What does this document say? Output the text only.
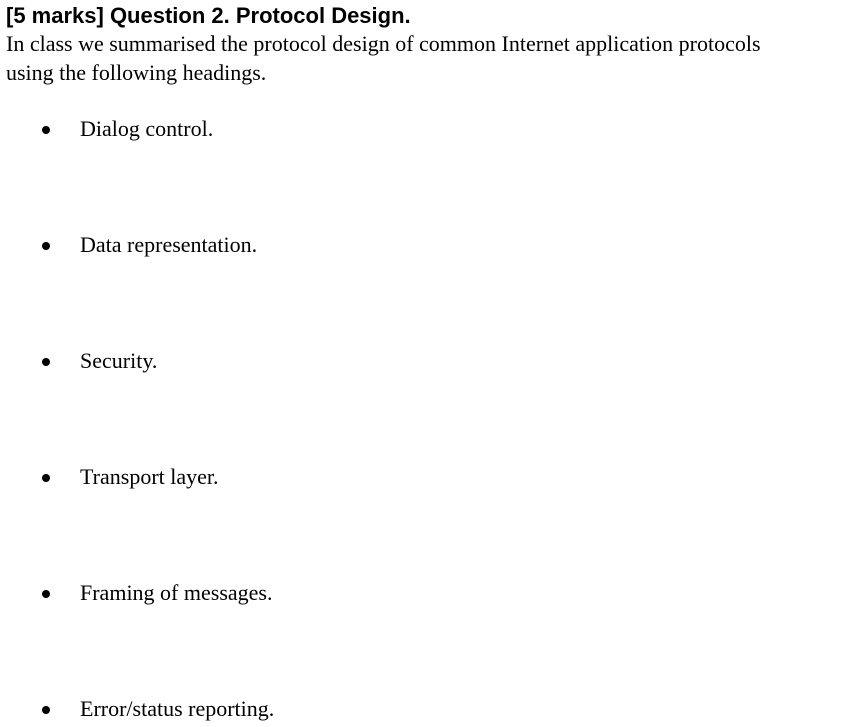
[5 marks] Question 2. Protocol Design.

In class we summarised the protocol design of common Internet application protocols

using the following headings.

Dialog control.
Data representation.
Security.
Transport layer.
Framing of messages.
Error/status reporting.
